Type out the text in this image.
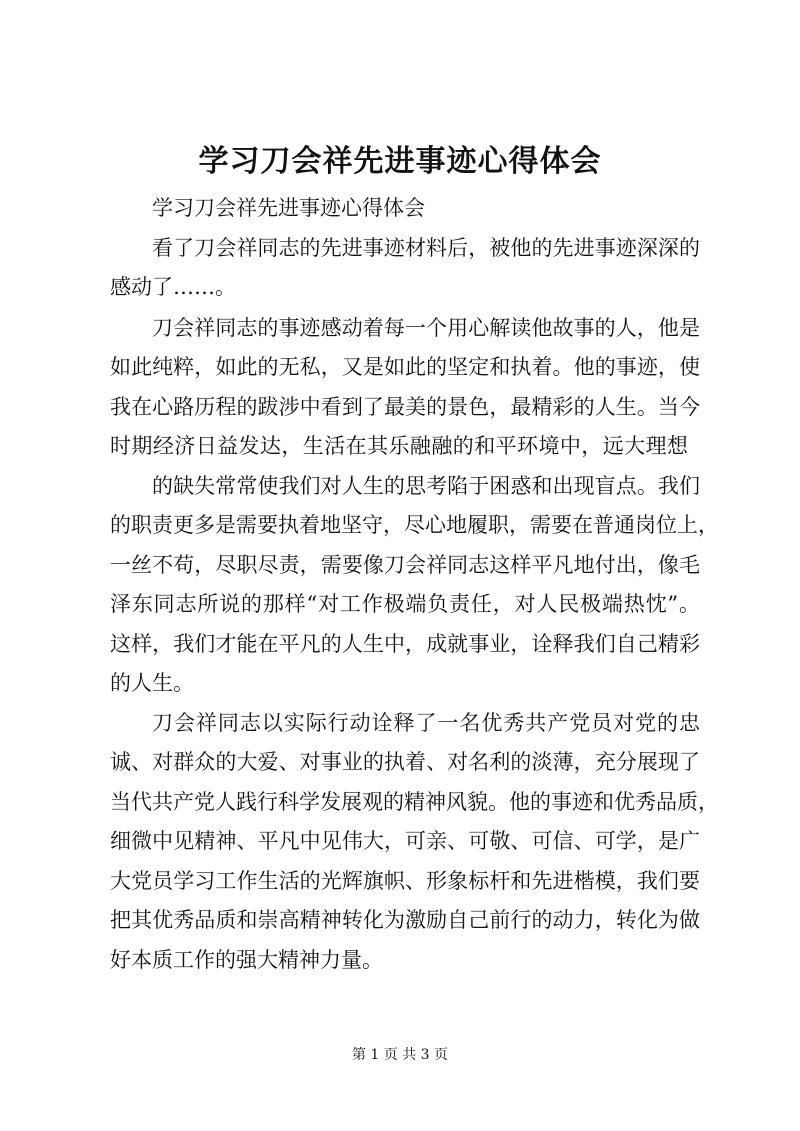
学习刀会祥先进事迹心得体会

学习刀会祥先进事迹心得体会

看了刀会祥同志的先进事迹材料后，被他的先进事迹深深的

感动了……。

刀会祥同志的事迹感动着每一个用心解读他故事的人，他是

如此纯粹，如此的无私，又是如此的坚定和执着。他的事迹，使

我在心路历程的跋涉中看到了最美的景色，最精彩的人生。当今

时期经济日益发达，生活在其乐融融的和平环境中，远大理想

的缺失常常使我们对人生的思考陷于困惑和出现盲点。我们

的职责更多是需要执着地坚守，尽心地履职，需要在普通岗位上，

一丝不苟，尽职尽责，需要像刀会祥同志这样平凡地付出，像毛

泽东同志所说的那样“对工作极端负责任，对人民极端热忱”。

这样，我们才能在平凡的人生中，成就事业，诠释我们自己精彩

的人生。

刀会祥同志以实际行动诠释了一名优秀共产党员对党的忠

诚、对群众的大爱、对事业的执着、对名利的淡薄，充分展现了

当代共产党人践行科学发展观的精神风貌。他的事迹和优秀品质，

细微中见精神、平凡中见伟大，可亲、可敬、可信、可学，是广

大党员学习工作生活的光辉旗帜、形象标杆和先进楷模，我们要

把其优秀品质和崇高精神转化为激励自己前行的动力，转化为做

好本质工作的强大精神力量。

第 1 页 共 3 页
